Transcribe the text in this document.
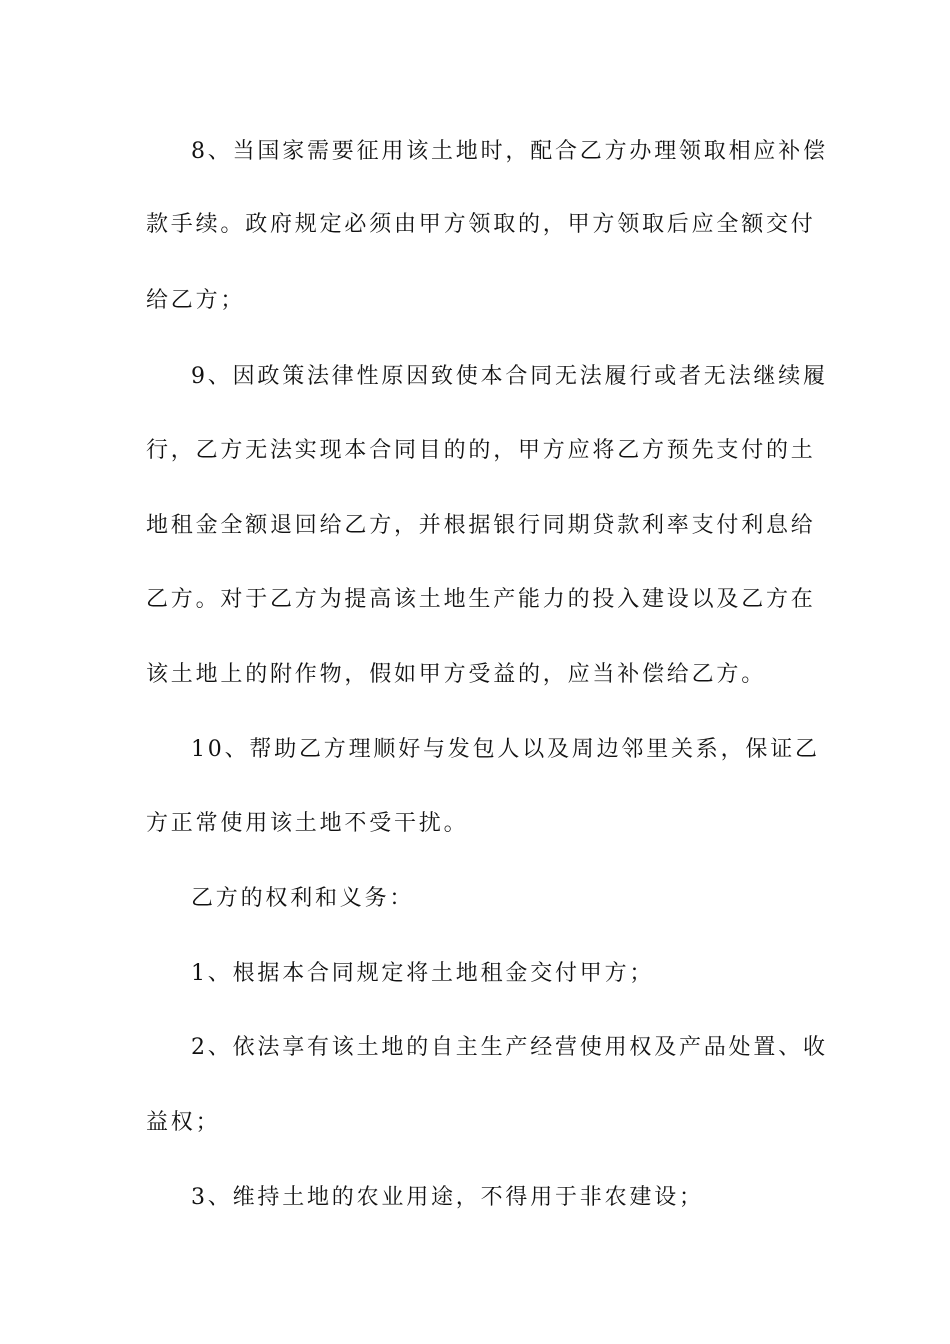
8、当国家需要征用该土地时，配合乙方办理领取相应补偿
款手续。政府规定必须由甲方领取的，甲方领取后应全额交付
给乙方；
9、因政策法律性原因致使本合同无法履行或者无法继续履
行，乙方无法实现本合同目的的，甲方应将乙方预先支付的土
地租金全额退回给乙方，并根据银行同期贷款利率支付利息给
乙方。对于乙方为提高该土地生产能力的投入建设以及乙方在
该土地上的附作物，假如甲方受益的，应当补偿给乙方。
10、帮助乙方理顺好与发包人以及周边邻里关系，保证乙
方正常使用该土地不受干扰。
乙方的权利和义务：
1、根据本合同规定将土地租金交付甲方；
2、依法享有该土地的自主生产经营使用权及产品处置、收
益权；
3、维持土地的农业用途，不得用于非农建设；
